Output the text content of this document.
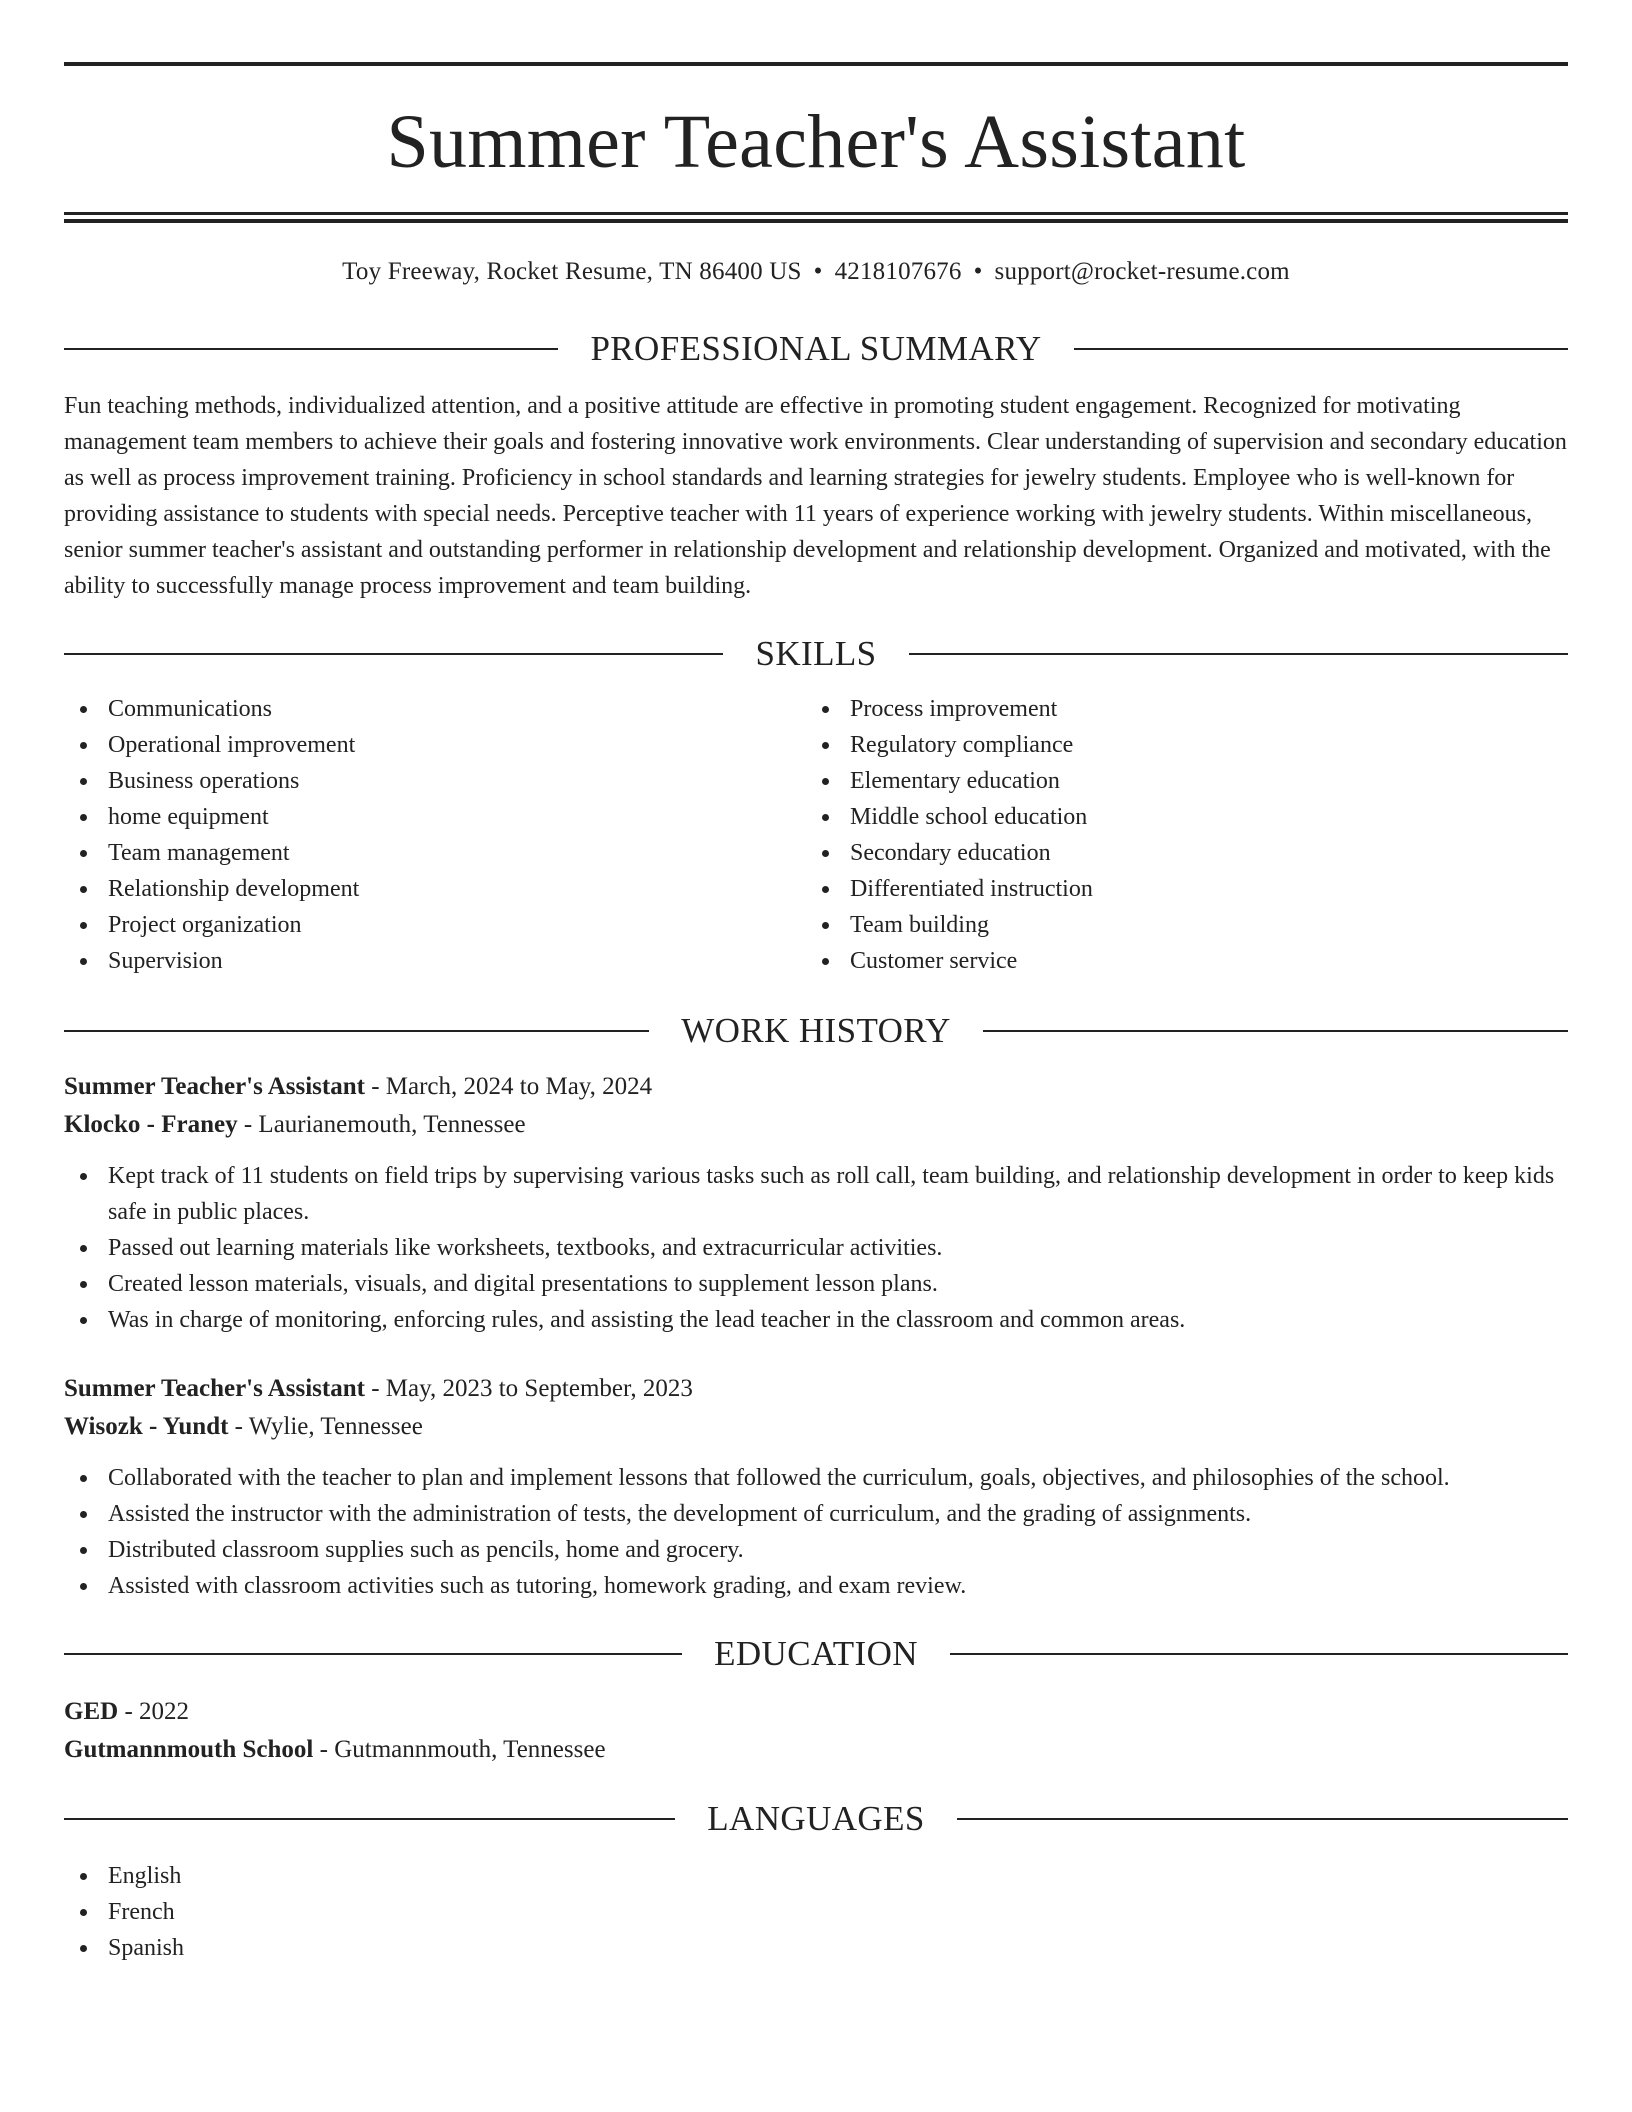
Summer Teacher's Assistant
Toy Freeway, Rocket Resume, TN 86400 US • 4218107676 • support@rocket-resume.com
PROFESSIONAL SUMMARY
Fun teaching methods, individualized attention, and a positive attitude are effective in promoting student engagement. Recognized for motivating management team members to achieve their goals and fostering innovative work environments. Clear understanding of supervision and secondary education as well as process improvement training. Proficiency in school standards and learning strategies for jewelry students. Employee who is well-known for providing assistance to students with special needs. Perceptive teacher with 11 years of experience working with jewelry students. Within miscellaneous, senior summer teacher's assistant and outstanding performer in relationship development and relationship development. Organized and motivated, with the ability to successfully manage process improvement and team building.
SKILLS
Communications
Operational improvement
Business operations
home equipment
Team management
Relationship development
Project organization
Supervision
Process improvement
Regulatory compliance
Elementary education
Middle school education
Secondary education
Differentiated instruction
Team building
Customer service
WORK HISTORY
Summer Teacher's Assistant - March, 2024 to May, 2024
Klocko - Franey - Laurianemouth, Tennessee
Kept track of 11 students on field trips by supervising various tasks such as roll call, team building, and relationship development in order to keep kids safe in public places.
Passed out learning materials like worksheets, textbooks, and extracurricular activities.
Created lesson materials, visuals, and digital presentations to supplement lesson plans.
Was in charge of monitoring, enforcing rules, and assisting the lead teacher in the classroom and common areas.
Summer Teacher's Assistant - May, 2023 to September, 2023
Wisozk - Yundt - Wylie, Tennessee
Collaborated with the teacher to plan and implement lessons that followed the curriculum, goals, objectives, and philosophies of the school.
Assisted the instructor with the administration of tests, the development of curriculum, and the grading of assignments.
Distributed classroom supplies such as pencils, home and grocery.
Assisted with classroom activities such as tutoring, homework grading, and exam review.
EDUCATION
GED - 2022
Gutmannmouth School - Gutmannmouth, Tennessee
LANGUAGES
English
French
Spanish
